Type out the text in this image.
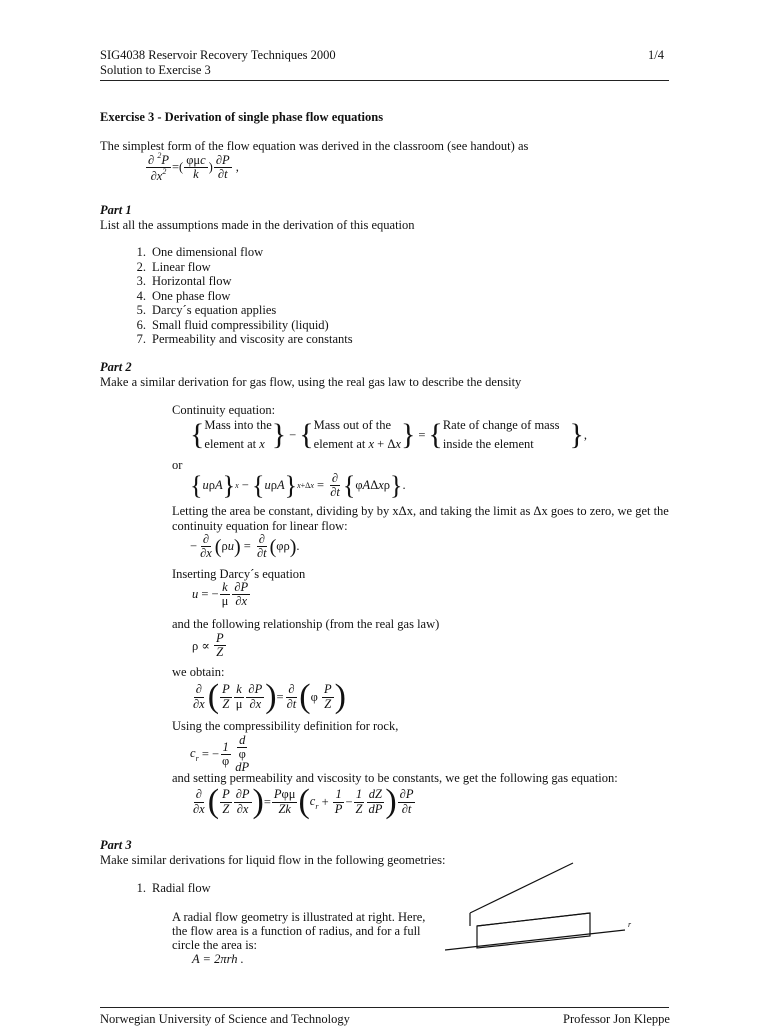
SIG4038 Reservoir Recovery Techniques 2000
Solution to Exercise 3
1/4
Exercise 3 - Derivation of single phase flow equations
The simplest form of the flow equation was derived in the classroom (see handout) as
$\frac{\partial ^2P}{\partial x^2}$ = ( $\frac{\text{φμc}}{k}$ ) $\frac{\partial P}{\partial t}$ ,
Part 1
List all the assumptions made in the derivation of this equation
1. One dimensional flow
2. Linear flow
3. Horizontal flow
4. One phase flow
5. Darcy´s equation applies
6. Small fluid compressibility (liquid)
7. Permeability and viscosity are constants
Part 2
Make a similar derivation for gas flow, using the real gas law to describe the density
Continuity equation:
{ Mass into the
element at x } − { Mass out of the
element at x + Δx } = { Rate of change of mass
inside the element	} ,
or
{ u ρ A } x − { u ρ A } $x+\Delta x = \frac{\partial}{\partial t}$ { φ A Δ x ρ } .
Letting the area be constant, dividing by by xΔx, and taking the limit as Δx goes to zero, we get the
continuity equation for linear flow:
− $\frac{\partial}{\partial x}$ ( ρ u ) = $\frac{\partial}{\partial t}$ ( φρ ) .
Inserting Darcy´s equation
u = − $\frac{k}{\mu} \frac{\partial P}{\partial x}$
and the following relationship (from the real gas law)
$\rho \propto \frac{P}{Z}$
we obtain:
$\frac{\partial}{\partial x}$ ( $\frac{P}{Z} \frac{k}{\mu} \frac{\partial P}{\partial x}$ ) = $\frac{\partial}{\partial t}$ ( φ $\frac{P}{Z}$ )
Using the compressibility definition for rock,
$c_r$ = − $\frac{1}{\varphi}$
d
φ
dP
and setting permeability and viscosity to be constants, we get the following gas equation:
$\frac{\partial}{\partial x}$ ( $\frac{P}{Z} \frac{\partial P}{\partial x}$ ) = $\frac{\text{Pφμ}}{Zk}$ ( $c_r + \frac{1}{P} - \frac{1}{Z} \frac{dZ}{dP}$ ) $\frac{\partial P}{\partial t}$
Part 3
Make similar derivations for liquid flow in the following geometries:
1. Radial flow
A radial flow geometry is illustrated at right. Here,
the flow area is a function of radius, and for a full
circle the area is:
A = 2πrh .
r
Norwegian University of Science and Technology	Professor Jon Kleppe
